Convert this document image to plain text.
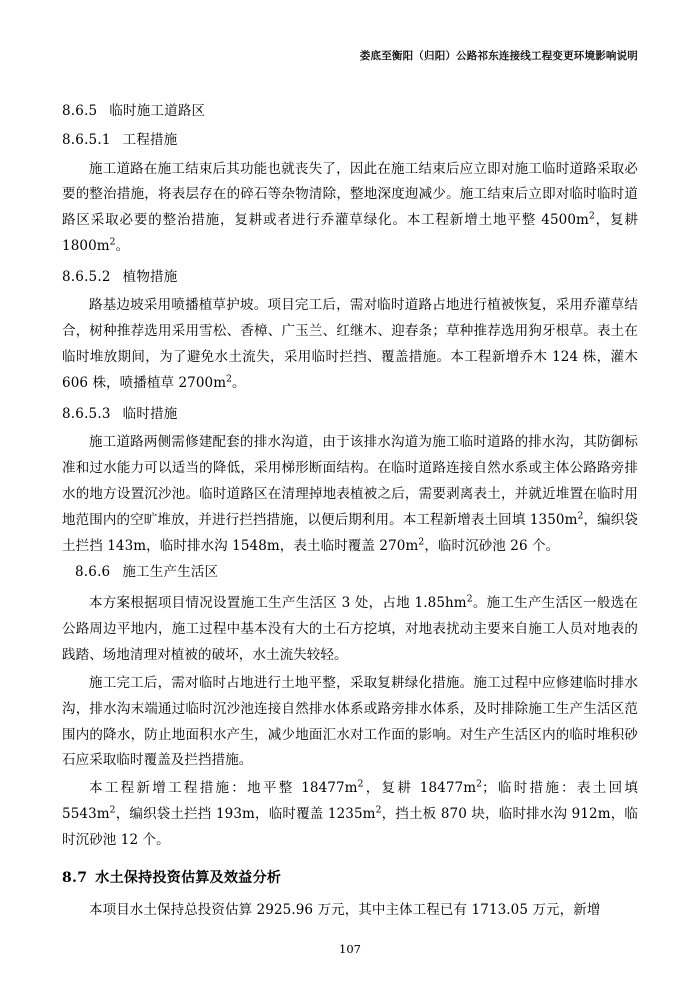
娄底至衡阳（归阳）公路祁东连接线工程变更环境影响说明
8.6.5 临时施工道路区
8.6.5.1 工程措施

施工道路在施工结束后其功能也就丧失了，因此在施工结束后应立即对施工临时道路采取必要的整治措施，将表层存在的碎石等杂物清除，整地深度迿减少。施工结束后立即对临时临时道路区采取必要的整治措施，复耕或者进行乔灌草绿化。本工程新增土地平整 $4500m^2$，复耕 $1800m^2$。

8.6.5.2 植物措施

路基边坡采用喷播植草护坡。项目完工后，需对临时道路占地进行植被恢复，采用乔灌草结合，树种推荐选用采用雪松、香樟、广玉兰、红继木、迎春条；草种推荐选用狗牙根草。表土在临时堆放期间，为了避免水土流失，采用临时拦挡、覆盖措施。本工程新增乔木 124 株，灌木 606 株，喷播植草 $2700m^2$。

8.6.5.3 临时措施

施工道路两侧需修建配套的排水沟道，由于该排水沟道为施工临时道路的排水沟，其防御标准和过水能力可以适当的降低，采用梯形断面结构。在临时道路连接自然水系或主体公路路旁排水的地方设置沉沙池。临时道路区在清理掉地表植被之后，需要剥离表土，并就近堆置在临时用地范围内的空旷堆放，并进行拦挡措施，以便后期利用。本工程新增表土回填 $1350m^2$，编织袋土拦挡 143m，临时排水沟 1548m，表土临时覆盖 $270m^2$，临时沉砂池 26 个。

8.6.6 施工生产生活区

本方案根据项目情况设置施工生产生活区 3 处，占地 $1.85hm^2$。施工生产生活区一般选在公路周边平地内，施工过程中基本没有大的土石方挖填，对地表扰动主要来自施工人员对地表的践踏、场地清理对植被的破坏，水土流失较轻。

施工完工后，需对临时占地进行土地平整，采取复耕绿化措施。施工过程中应修建临时排水沟，排水沟末端通过临时沉沙池连接自然排水体系或路旁排水体系，及时排除施工生产生活区范围内的降水，防止地面积水产生，减少地面汇水对工作面的影响。对生产生活区内的临时堆积砂石应采取临时覆盖及拦挡措施。

本工程新增工程措施：地平整 $18477m^2$，复耕 $18477m^2$；临时措施：表土回填 $5543m^2$，编织袋土拦挡 193m，临时覆盖 $1235m^2$，挡土板 870 块，临时排水沟 912m，临时沉砂池 12 个。

8.7 水土保持投资估算及效益分析

本项目水土保持总投资估算 2925.96 万元，其中主体工程已有 1713.05 万元，新增

107
